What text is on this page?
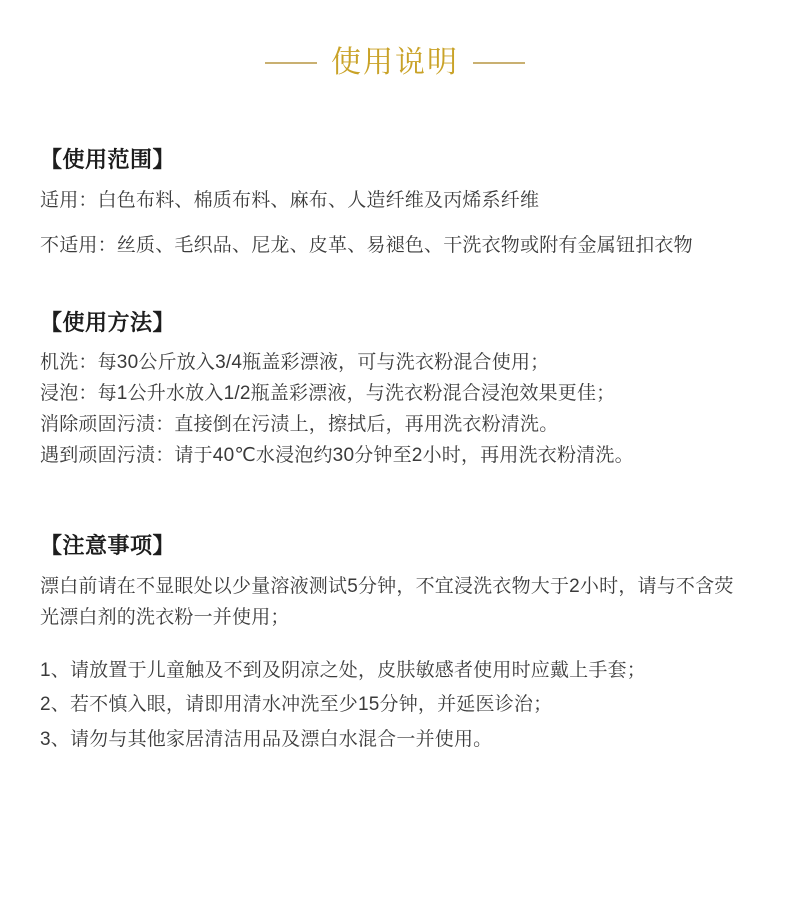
使用说明
【使用范围】

适用：白色布料、棉质布料、麻布、人造纤维及丙烯系纤维

不适用：丝质、毛织品、尼龙、皮革、易褪色、干洗衣物或附有金属钮扣衣物

【使用方法】

机洗：每30公斤放入3/4瓶盖彩漂液，可与洗衣粉混合使用；

浸泡：每1公升水放入1/2瓶盖彩漂液，与洗衣粉混合浸泡效果更佳；

消除顽固污渍：直接倒在污渍上，擦拭后，再用洗衣粉清洗。

遇到顽固污渍：请于40℃水浸泡约30分钟至2小时，再用洗衣粉清洗。

【注意事项】

漂白前请在不显眼处以少量溶液测试5分钟，不宜浸洗衣物大于2小时，请与不含荧光漂白剂的洗衣粉一并使用；

1、请放置于儿童触及不到及阴凉之处，皮肤敏感者使用时应戴上手套；

2、若不慎入眼，请即用清水冲洗至少15分钟，并延医诊治；

3、请勿与其他家居清洁用品及漂白水混合一并使用。
